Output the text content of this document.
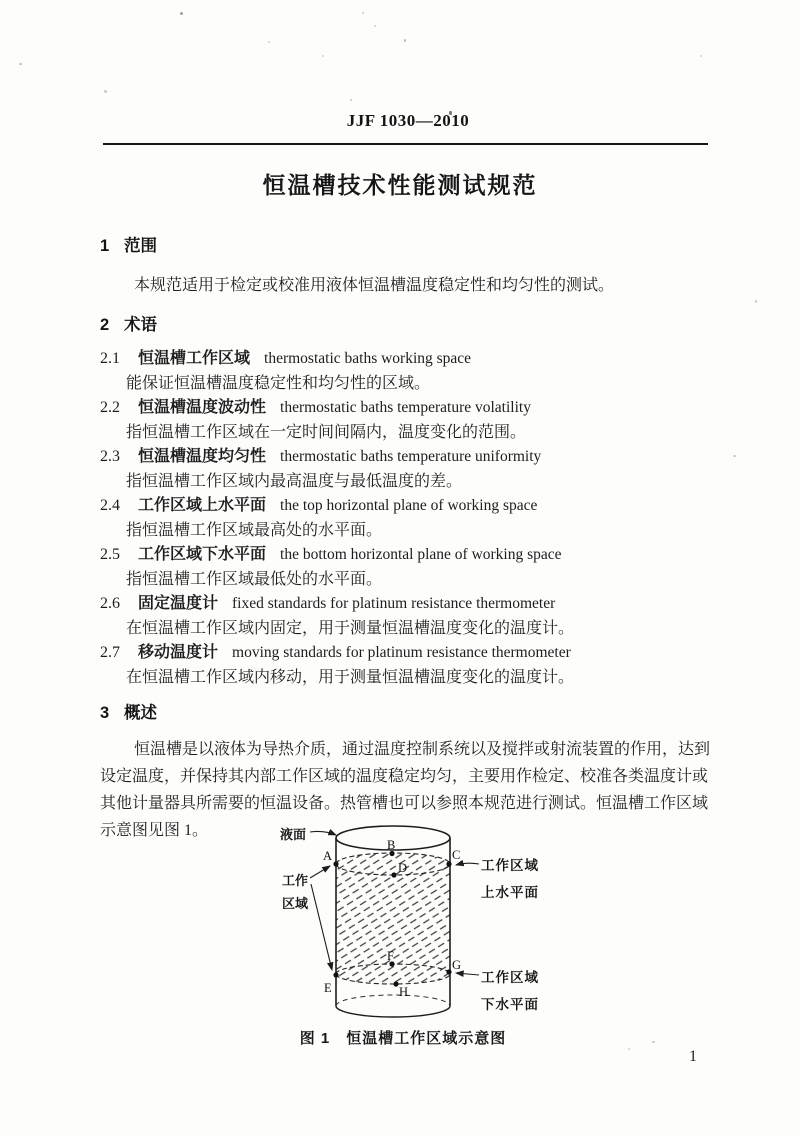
JJF 1030—2010
恒温槽技术性能测试规范
1 范围
本规范适用于检定或校准用液体恒温槽温度稳定性和均匀性的测试。
2 术语
2.1 恒温槽工作区域 thermostatic baths working space
能保证恒温槽温度稳定性和均匀性的区域。
2.2 恒温槽温度波动性 thermostatic baths temperature volatility
指恒温槽工作区域在一定时间间隔内，温度变化的范围。
2.3 恒温槽温度均匀性 thermostatic baths temperature uniformity
指恒温槽工作区域内最高温度与最低温度的差。
2.4 工作区域上水平面 the top horizontal plane of working space
指恒温槽工作区域最高处的水平面。
2.5 工作区域下水平面 the bottom horizontal plane of working space
指恒温槽工作区域最低处的水平面。
2.6 固定温度计 fixed standards for platinum resistance thermometer
在恒温槽工作区域内固定，用于测量恒温槽温度变化的温度计。
2.7 移动温度计 moving standards for platinum resistance thermometer
在恒温槽工作区域内移动，用于测量恒温槽温度变化的温度计。
3 概述
恒温槽是以液体为导热介质，通过温度控制系统以及搅拌或射流装置的作用，达到
设定温度，并保持其内部工作区域的温度稳定均匀，主要用作检定、校准各类温度计或
其他计量器具所需要的恒温设备。热管槽也可以参照本规范进行测试。恒温槽工作区域
示意图见图 1。
A
B
C
D
E
F
G
H
液面
工作
区域
工作区域
上水平面
工作区域
下水平面
图 1　恒温槽工作区域示意图
1
